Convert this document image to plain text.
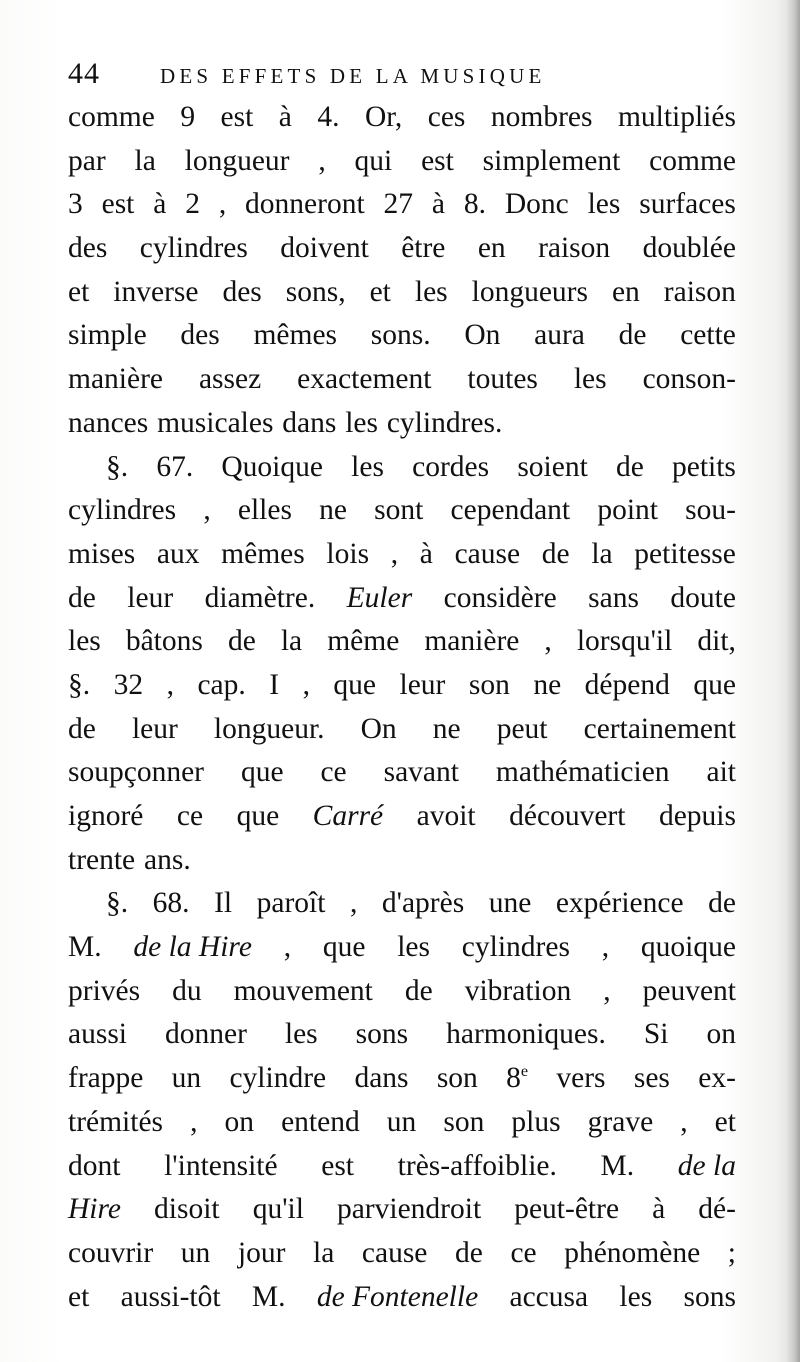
44	DES EFFETS DE LA MUSIQUE
comme 9 est à 4. Or, ces nombres multipliés
par la longueur , qui est simplement comme
3 est à 2 , donneront 27 à 8. Donc les surfaces
des cylindres doivent être en raison doublée
et inverse des sons, et les longueurs en raison
simple des mêmes sons. On aura de cette
manière assez exactement toutes les conson-
nances musicales dans les cylindres.
§. 67. Quoique les cordes soient de petits
cylindres , elles ne sont cependant point sou-
mises aux mêmes lois , à cause de la petitesse
de leur diamètre. Euler considère sans doute
les bâtons de la même manière , lorsqu'il dit,
§. 32 , cap. I , que leur son ne dépend que
de leur longueur. On ne peut certainement
soupçonner que ce savant mathématicien ait
ignoré ce que Carré avoit découvert depuis
trente ans.
§. 68. Il paroît , d'après une expérience de
M. de la Hire , que les cylindres , quoique
privés du mouvement de vibration , peuvent
aussi donner les sons harmoniques. Si on
frappe un cylindre dans son 8e vers ses ex-
trémités , on entend un son plus grave , et
dont l'intensité est très-affoiblie. M. de la
Hire disoit qu'il parviendroit peut-être à dé-
couvrir un jour la cause de ce phénomène ;
et aussi-tôt M. de Fontenelle accusa les sons
